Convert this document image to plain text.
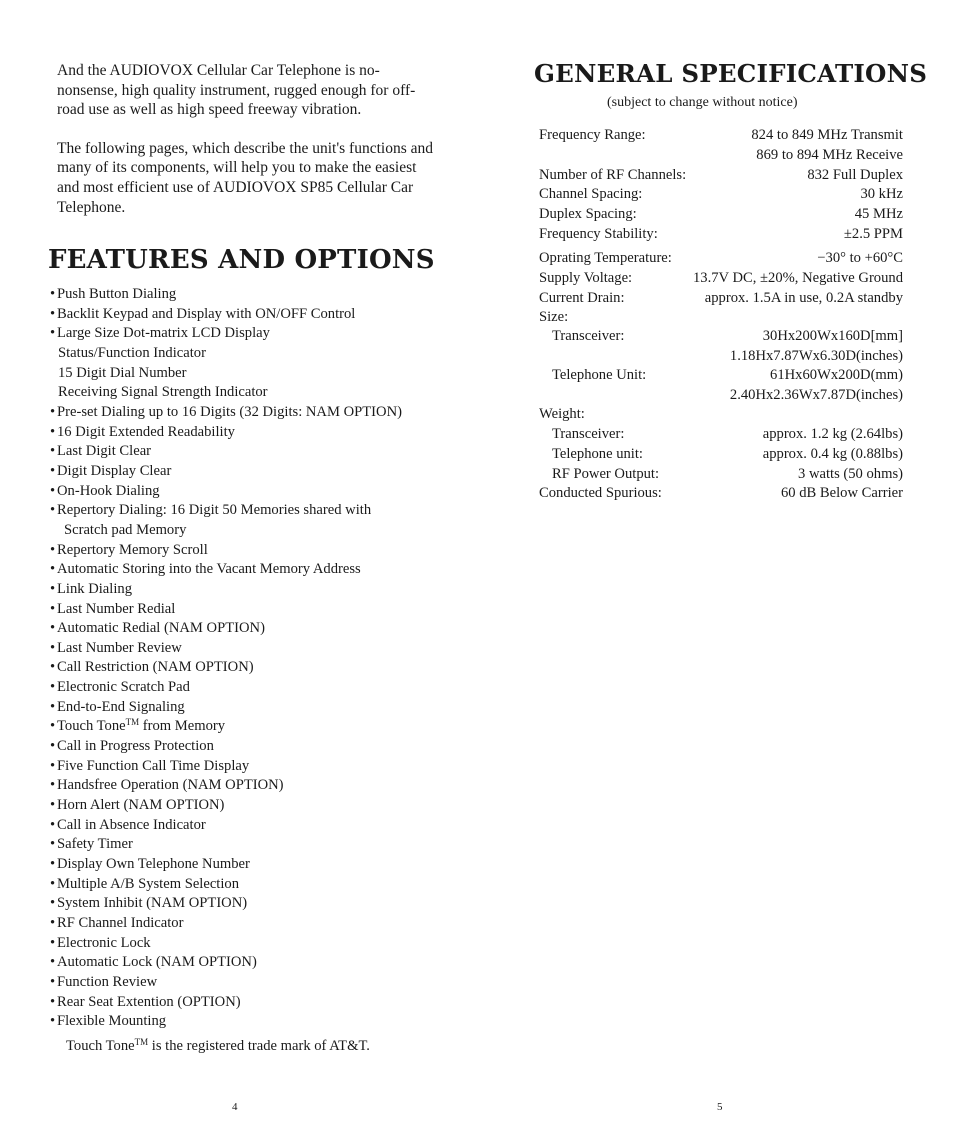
And the AUDIOVOX Cellular Car Telephone is no-nonsense, high quality instrument, rugged enough for off-road use as well as high speed freeway vibration.

The following pages, which describe the unit's functions and many of its components, will help you to make the easiest and most efficient use of AUDIOVOX SP85 Cellular Car Telephone.

FEATURES AND OPTIONS
• Push Button Dialing
• Backlit Keypad and Display with ON/OFF Control
• Large Size Dot-matrix LCD Display
Status/Function Indicator
15 Digit Dial Number
Receiving Signal Strength Indicator
• Pre-set Dialing up to 16 Digits (32 Digits: NAM OPTION)
• 16 Digit Extended Readability
• Last Digit Clear
• Digit Display Clear
• On-Hook Dialing
• Repertory Dialing: 16 Digit 50 Memories shared with
Scratch pad Memory
• Repertory Memory Scroll
• Automatic Storing into the Vacant Memory Address
• Link Dialing
• Last Number Redial
• Automatic Redial (NAM OPTION)
• Last Number Review
• Call Restriction (NAM OPTION)
• Electronic Scratch Pad
• End-to-End Signaling
• Touch Tone™ from Memory
• Call in Progress Protection
• Five Function Call Time Display
• Handsfree Operation (NAM OPTION)
• Horn Alert (NAM OPTION)
• Call in Absence Indicator
• Safety Timer
• Display Own Telephone Number
• Multiple A/B System Selection
• System Inhibit (NAM OPTION)
• RF Channel Indicator
• Electronic Lock
• Automatic Lock (NAM OPTION)
• Function Review
• Rear Seat Extention (OPTION)
• Flexible Mounting
Touch Tone™ is the registered trade mark of AT&T.
4
GENERAL SPECIFICATIONS
(subject to change without notice)
Frequency Range:	824 to 849 MHz Transmit
869 to 894 MHz Receive
Number of RF Channels:	832 Full Duplex
Channel Spacing:	30 kHz
Duplex Spacing:	45 MHz
Frequency Stability:	±2.5 PPM
Oprating Temperature:	−30° to +60°C
Supply Voltage:	13.7V DC, ±20%, Negative Ground
Current Drain:	approx. 1.5A in use, 0.2A standby
Size:
Transceiver:	30Hx200Wx160D[mm]
1.18Hx7.87Wx6.30D(inches)
Telephone Unit:	61Hx60Wx200D(mm)
2.40Hx2.36Wx7.87D(inches)
Weight:
Transceiver:	approx. 1.2 kg (2.64lbs)
Telephone unit:	approx. 0.4 kg (0.88lbs)
RF Power Output:	3 watts (50 ohms)
Conducted Spurious:	60 dB Below Carrier
5
